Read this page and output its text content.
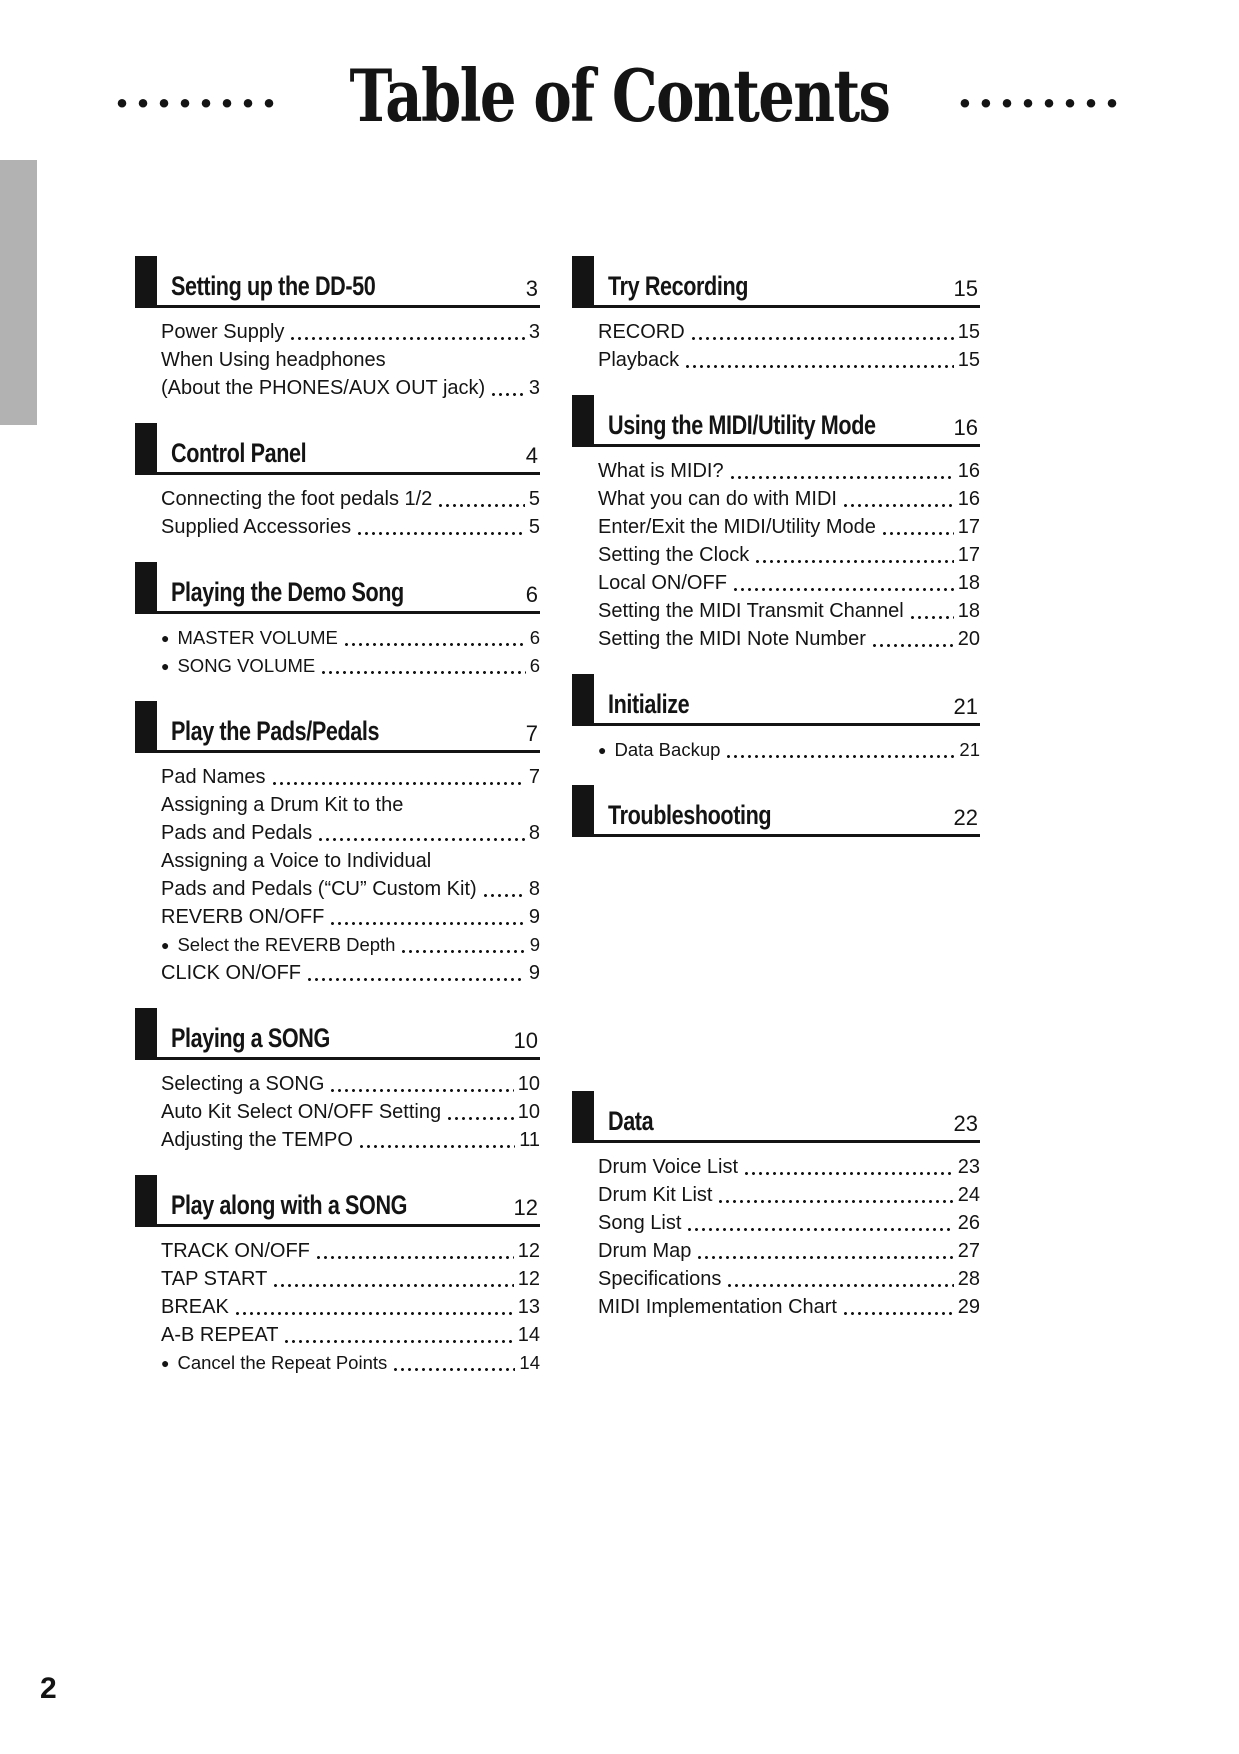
........ Table of Contents ........
Setting up the DD-50	3
Power Supply	3
When Using headphones
(About the PHONES/AUX OUT jack) 3
Control Panel	4
Connecting the foot pedals 1/2	5
Supplied Accessories	5
Playing the Demo Song	6
● MASTER VOLUME	6
● SONG VOLUME	6
Play the Pads/Pedals	7
Pad Names	7
Assigning a Drum Kit to the
Pads and Pedals	8
Assigning a Voice to Individual
Pads and Pedals (“CU” Custom Kit)	8
REVERB ON/OFF	9
● Select the REVERB Depth	9
CLICK ON/OFF	9
Playing a SONG	10
Selecting a SONG	10
Auto Kit Select ON/OFF Setting	10
Adjusting the TEMPO	11
Play along with a SONG	12
TRACK ON/OFF	12
TAP START	12
BREAK	13
A-B REPEAT	14
● Cancel the Repeat Points	14
Try Recording	15
RECORD	15
Playback	15
Using the MIDI/Utility Mode	16
What is MIDI?	16
What you can do with MIDI	16
Enter/Exit the MIDI/Utility Mode	17
Setting the Clock	17
Local ON/OFF	18
Setting the MIDI Transmit Channel	18
Setting the MIDI Note Number	20
Initialize	21
● Data Backup	21
Troubleshooting	22
Data	23
Drum Voice List	23
Drum Kit List	24
Song List	26
Drum Map	27
Specifications	28
MIDI Implementation Chart	29
2
